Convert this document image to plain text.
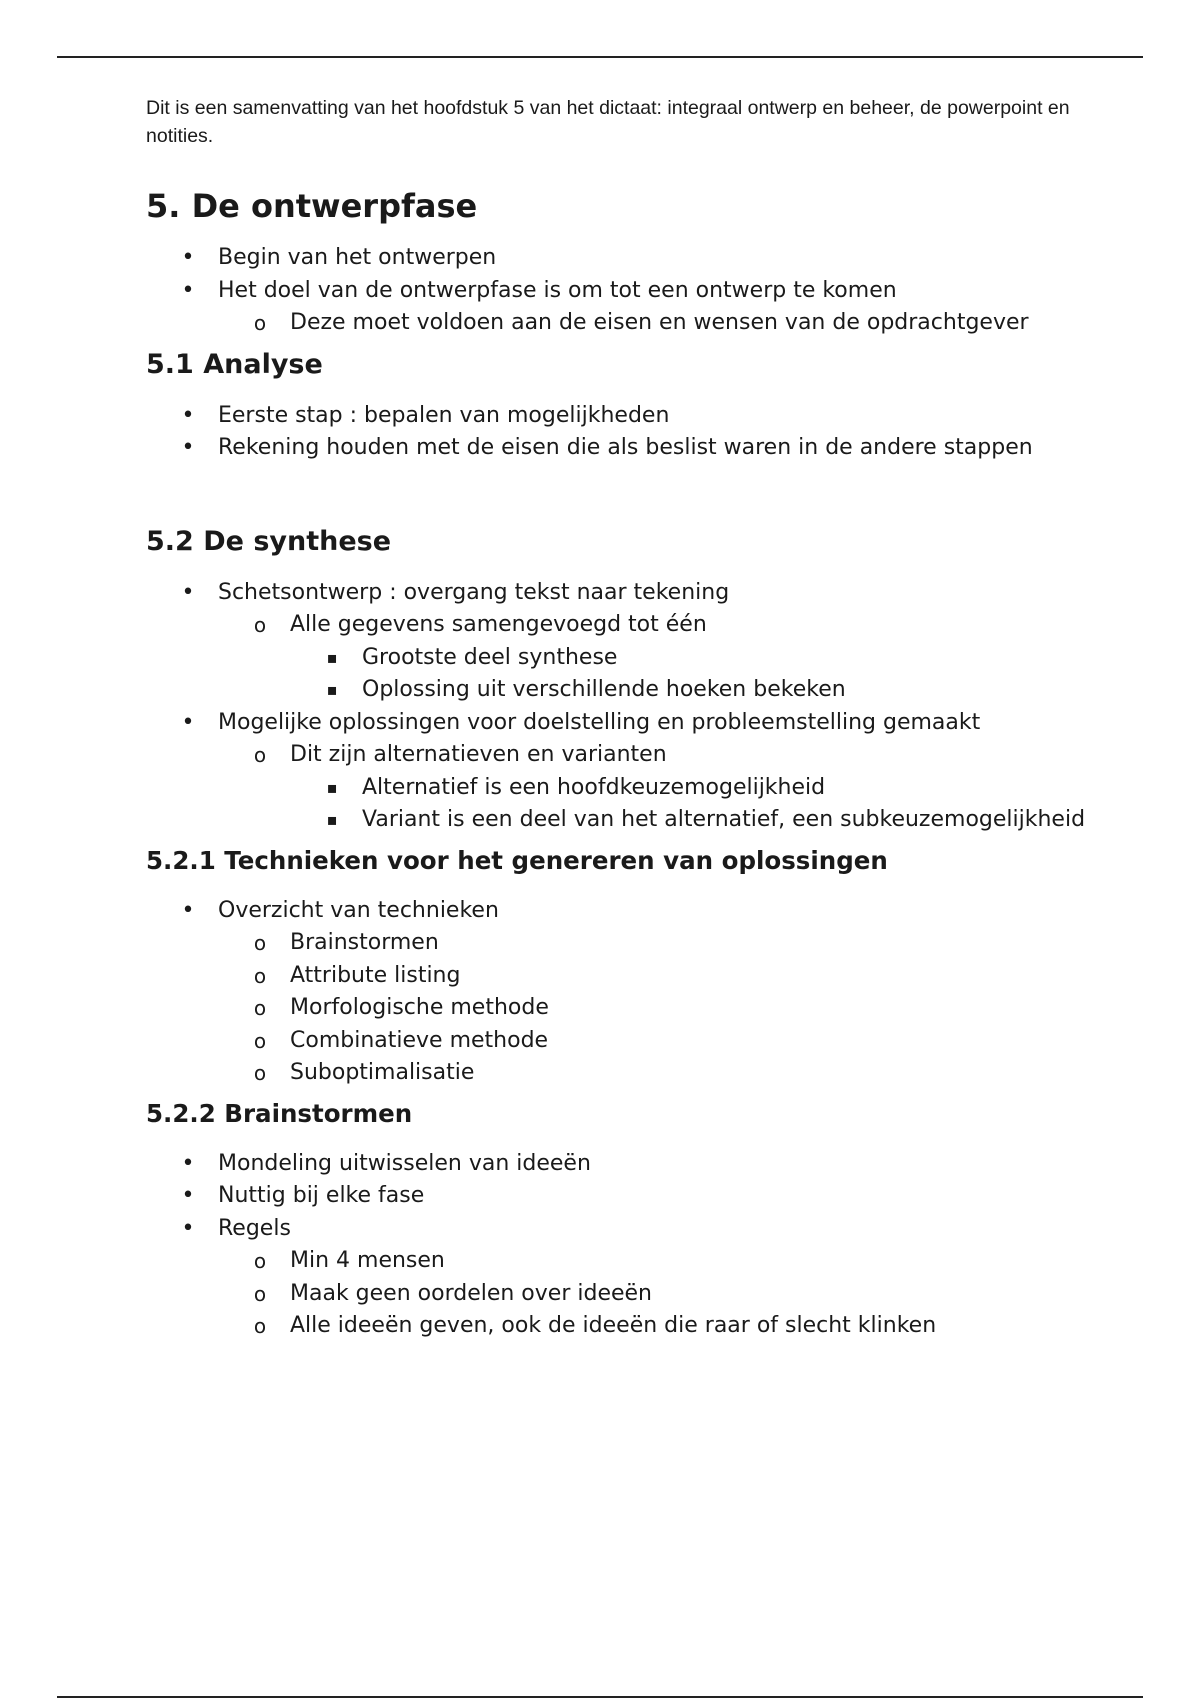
Dit is een samenvatting van het hoofdstuk 5 van het dictaat: integraal ontwerp en beheer, de powerpoint en notities.

5. De ontwerpfase
• Begin van het ontwerpen
• Het doel van de ontwerpfase is om tot een ontwerp te komen
o Deze moet voldoen aan de eisen en wensen van de opdrachtgever
5.1 Analyse
• Eerste stap : bepalen van mogelijkheden
• Rekening houden met de eisen die als beslist waren in de andere stappen
5.2 De synthese
• Schetsontwerp : overgang tekst naar tekening
o Alle gegevens samengevoegd tot één
▪ Grootste deel synthese
▪ Oplossing uit verschillende hoeken bekeken
• Mogelijke oplossingen voor doelstelling en probleemstelling gemaakt
o Dit zijn alternatieven en varianten
▪ Alternatief is een hoofdkeuzemogelijkheid
▪ Variant is een deel van het alternatief, een subkeuzemogelijkheid
5.2.1 Technieken voor het genereren van oplossingen
• Overzicht van technieken
o Brainstormen
o Attribute listing
o Morfologische methode
o Combinatieve methode
o Suboptimalisatie
5.2.2 Brainstormen
• Mondeling uitwisselen van ideeën
• Nuttig bij elke fase
• Regels
o Min 4 mensen
o Maak geen oordelen over ideeën
o Alle ideeën geven, ook de ideeën die raar of slecht klinken
